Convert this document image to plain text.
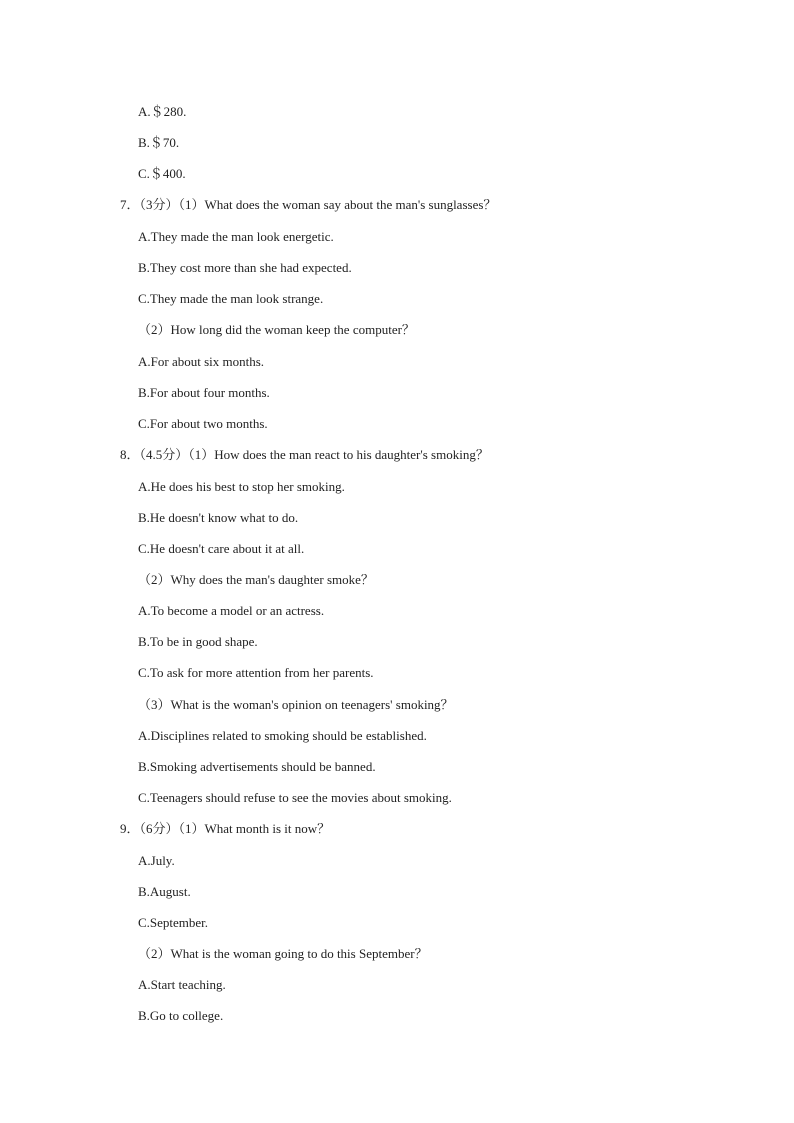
A.＄280.
B.＄70.
C.＄400.
7．（3分）（1）What does the woman say about the man's sunglasses？
A.They made the man look energetic.
B.They cost more than she had expected.
C.They made the man look strange.
（2）How long did the woman keep the computer？
A.For about six months.
B.For about four months.
C.For about two months.
8．（4.5分）（1）How does the man react to his daughter's smoking？
A.He does his best to stop her smoking.
B.He doesn't know what to do.
C.He doesn't care about it at all.
（2）Why does the man's daughter smoke？
A.To become a model or an actress.
B.To be in good shape.
C.To ask for more attention from her parents.
（3）What is the woman's opinion on teenagers' smoking？
A.Disciplines related to smoking should be established.
B.Smoking advertisements should be banned.
C.Teenagers should refuse to see the movies about smoking.
9．（6分）（1）What month is it now？
A.July.
B.August.
C.September.
（2）What is the woman going to do this September？
A.Start teaching.
B.Go to college.
